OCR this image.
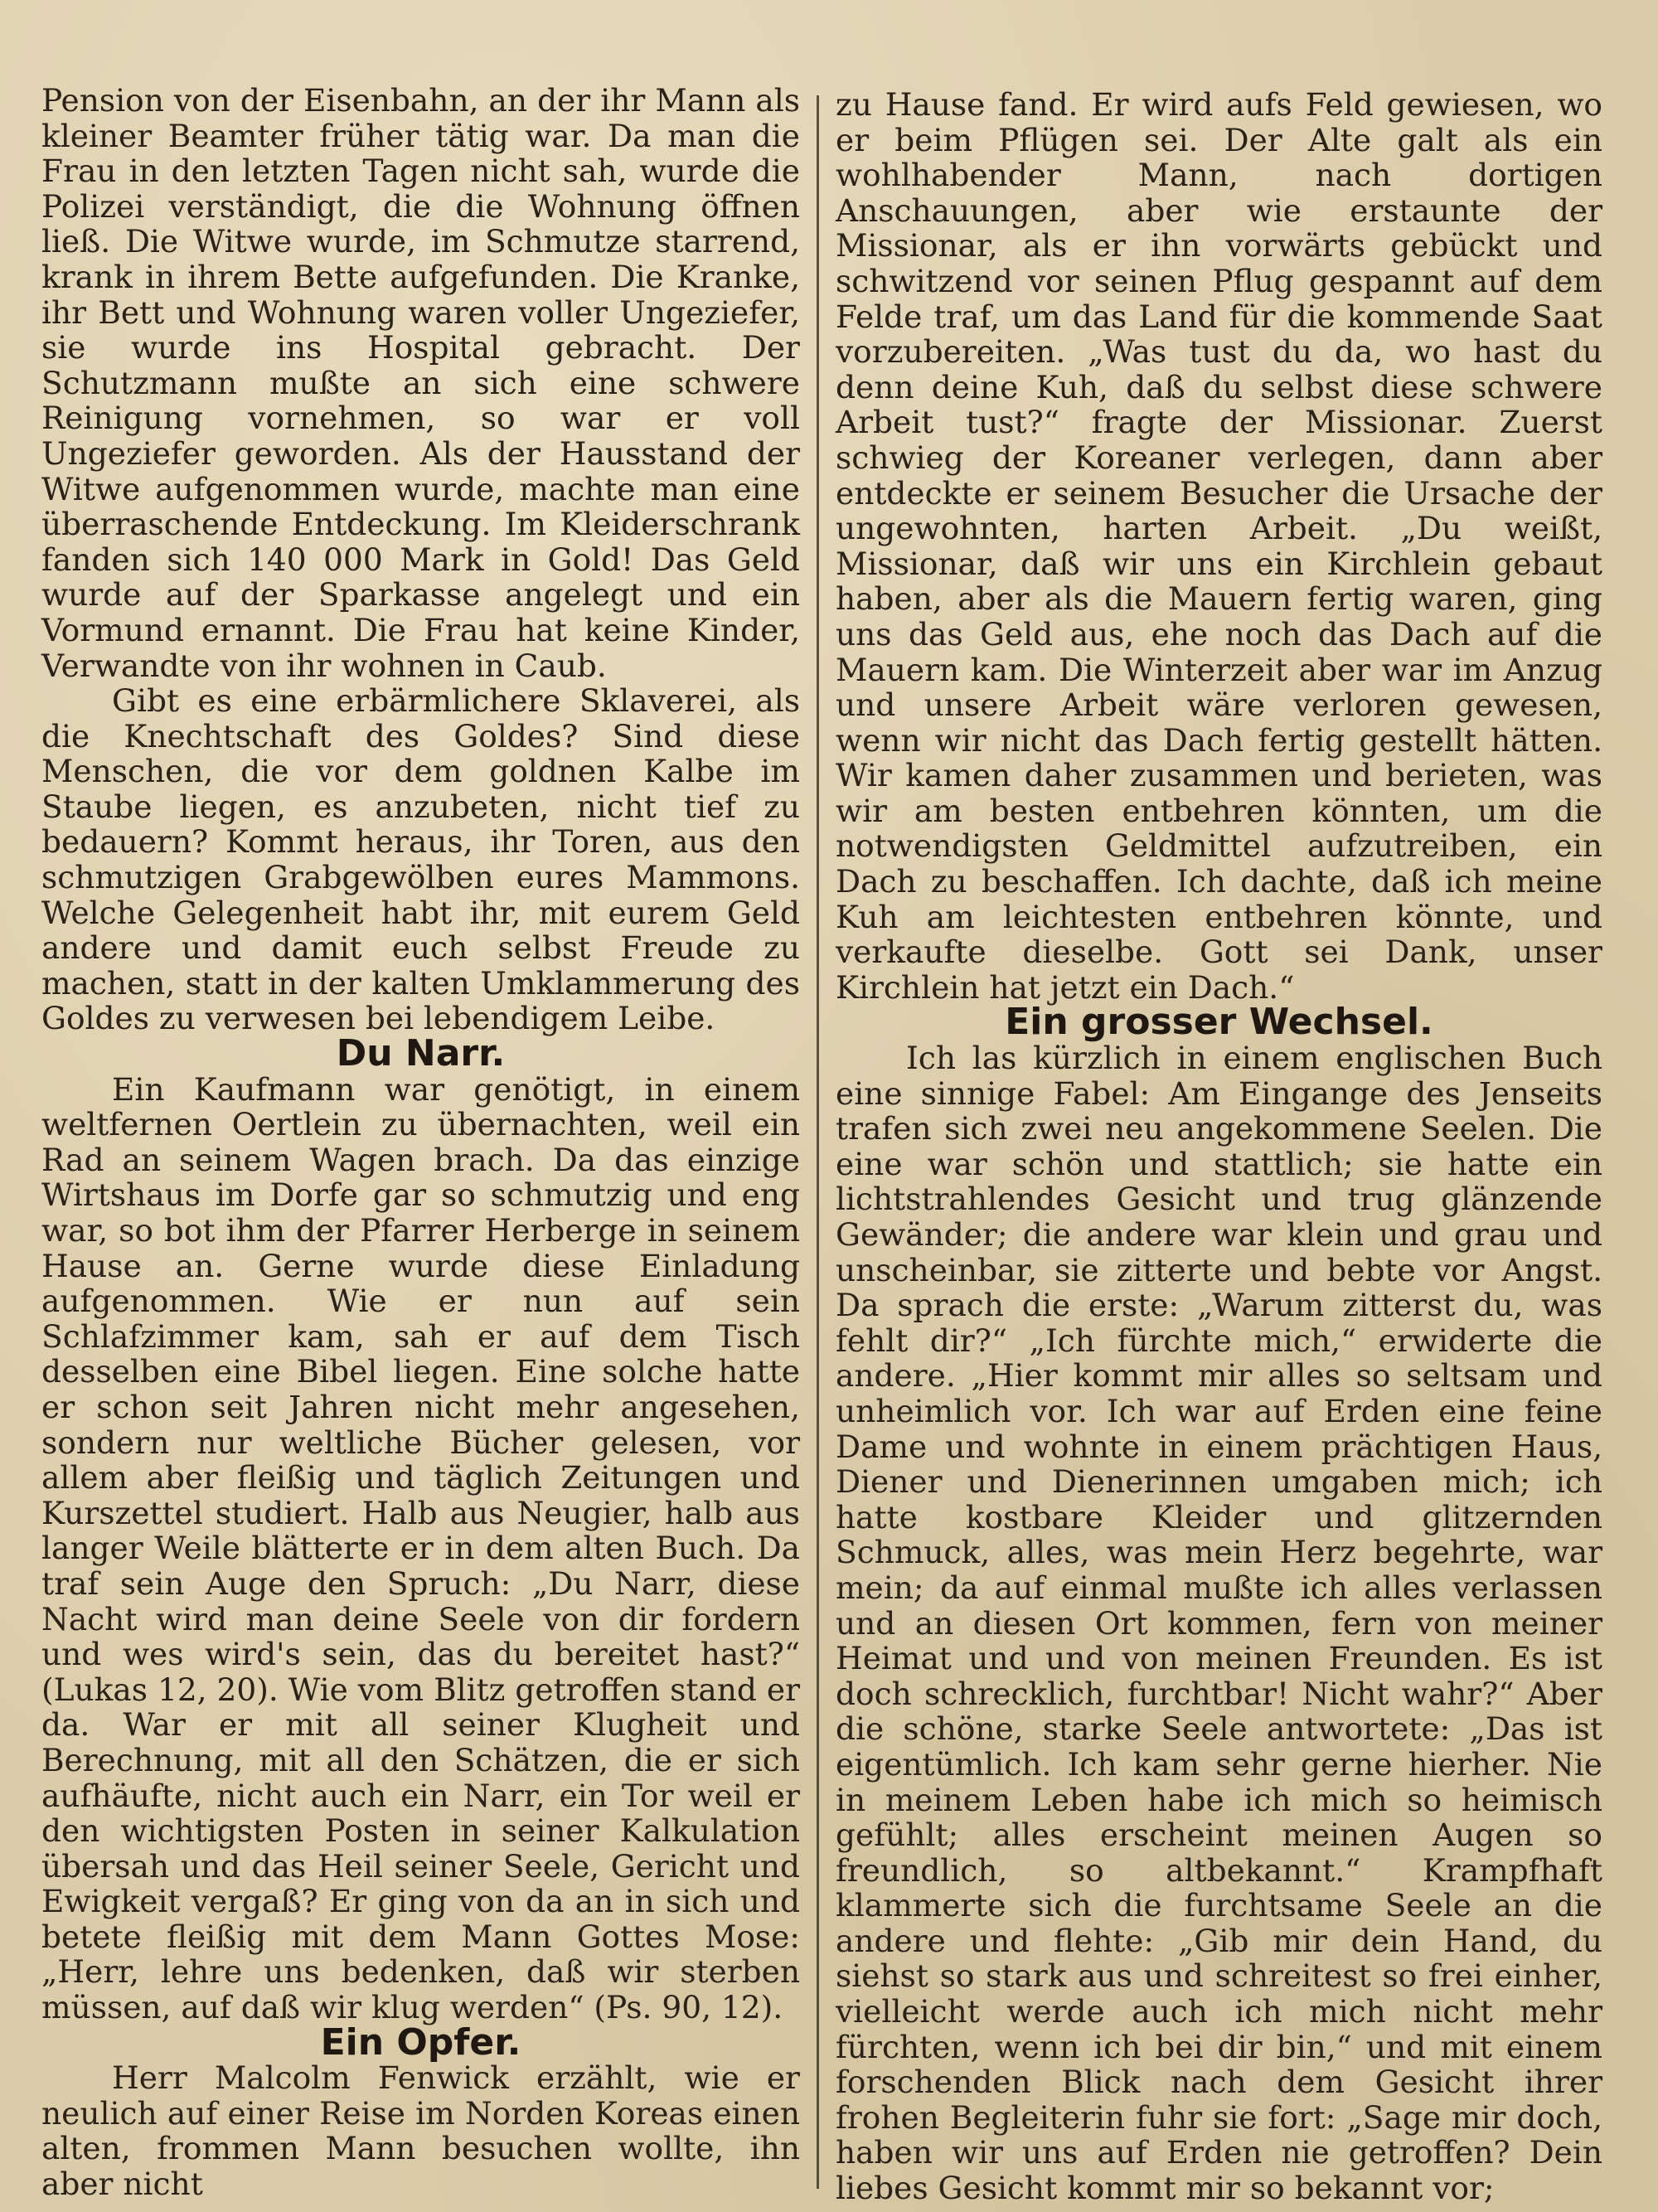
Pension von der Eisenbahn, an der ihr Mann als kleiner Beamter früher tätig war. Da man die Frau in den letzten Tagen nicht sah, wurde die Polizei verständigt, die die Wohnung öffnen ließ. Die Witwe wurde, im Schmutze starrend, krank in ihrem Bette aufgefunden. Die Kranke, ihr Bett und Wohnung waren voller Ungeziefer, sie wurde ins Hospital gebracht. Der Schutzmann mußte an sich eine schwere Reinigung vornehmen, so war er voll Ungeziefer geworden. Als der Hausstand der Witwe aufgenommen wurde, machte man eine überraschende Entdeckung. Im Kleiderschrank fanden sich 140 000 Mark in Gold! Das Geld wurde auf der Sparkasse angelegt und ein Vormund ernannt. Die Frau hat keine Kinder, Verwandte von ihr wohnen in Caub.

Gibt es eine erbärmlichere Sklaverei, als die Knechtschaft des Goldes? Sind diese Menschen, die vor dem goldnen Kalbe im Staube liegen, es anzubeten, nicht tief zu bedauern? Kommt heraus, ihr Toren, aus den schmutzigen Grabgewölben eures Mammons. Welche Gelegenheit habt ihr, mit eurem Geld andere und damit euch selbst Freude zu machen, statt in der kalten Umklammerung des Goldes zu verwesen bei lebendigem Leibe.

Du Narr.

Ein Kaufmann war genötigt, in einem weltfernen Oertlein zu übernachten, weil ein Rad an seinem Wagen brach. Da das einzige Wirtshaus im Dorfe gar so schmutzig und eng war, so bot ihm der Pfarrer Herberge in seinem Hause an. Gerne wurde diese Einladung aufgenommen. Wie er nun auf sein Schlafzimmer kam, sah er auf dem Tisch desselben eine Bibel liegen. Eine solche hatte er schon seit Jahren nicht mehr angesehen, sondern nur weltliche Bücher gelesen, vor allem aber fleißig und täglich Zeitungen und Kurszettel studiert. Halb aus Neugier, halb aus langer Weile blätterte er in dem alten Buch. Da traf sein Auge den Spruch: „Du Narr, diese Nacht wird man deine Seele von dir fordern und wes wird's sein, das du bereitet hast?“ (Lukas 12, 20). Wie vom Blitz getroffen stand er da. War er mit all seiner Klugheit und Berechnung, mit all den Schätzen, die er sich aufhäufte, nicht auch ein Narr, ein Tor weil er den wichtigsten Posten in seiner Kalkulation übersah und das Heil seiner Seele, Gericht und Ewigkeit vergaß? Er ging von da an in sich und betete fleißig mit dem Mann Gottes Mose: „Herr, lehre uns bedenken, daß wir sterben müssen, auf daß wir klug werden“ (Ps. 90, 12).

Ein Opfer.

Herr Malcolm Fenwick erzählt, wie er neulich auf einer Reise im Norden Koreas einen alten, frommen Mann besuchen wollte, ihn aber nicht

zu Hause fand. Er wird aufs Feld gewiesen, wo er beim Pflügen sei. Der Alte galt als ein wohlhabender Mann, nach dortigen Anschauungen, aber wie erstaunte der Missionar, als er ihn vorwärts gebückt und schwitzend vor seinen Pflug gespannt auf dem Felde traf, um das Land für die kommende Saat vorzubereiten. „Was tust du da, wo hast du denn deine Kuh, daß du selbst diese schwere Arbeit tust?“ fragte der Missionar. Zuerst schwieg der Koreaner verlegen, dann aber entdeckte er seinem Besucher die Ursache der ungewohnten, harten Arbeit. „Du weißt, Missionar, daß wir uns ein Kirchlein gebaut haben, aber als die Mauern fertig waren, ging uns das Geld aus, ehe noch das Dach auf die Mauern kam. Die Winterzeit aber war im Anzug und unsere Arbeit wäre verloren gewesen, wenn wir nicht das Dach fertig gestellt hätten. Wir kamen daher zusammen und berieten, was wir am besten entbehren könnten, um die notwendigsten Geldmittel aufzutreiben, ein Dach zu beschaffen. Ich dachte, daß ich meine Kuh am leichtesten entbehren könnte, und verkaufte dieselbe. Gott sei Dank, unser Kirchlein hat jetzt ein Dach.“

Ein grosser Wechsel.

Ich las kürzlich in einem englischen Buch eine sinnige Fabel: Am Eingange des Jenseits trafen sich zwei neu angekommene Seelen. Die eine war schön und stattlich; sie hatte ein lichtstrahlendes Gesicht und trug glänzende Gewänder; die andere war klein und grau und unscheinbar, sie zitterte und bebte vor Angst. Da sprach die erste: „Warum zitterst du, was fehlt dir?“ „Ich fürchte mich,“ erwiderte die andere. „Hier kommt mir alles so seltsam und unheimlich vor. Ich war auf Erden eine feine Dame und wohnte in einem prächtigen Haus, Diener und Dienerinnen umgaben mich; ich hatte kostbare Kleider und glitzernden Schmuck, alles, was mein Herz begehrte, war mein; da auf einmal mußte ich alles verlassen und an diesen Ort kommen, fern von meiner Heimat und und von meinen Freunden. Es ist doch schrecklich, furchtbar! Nicht wahr?“ Aber die schöne, starke Seele antwortete: „Das ist eigentümlich. Ich kam sehr gerne hierher. Nie in meinem Leben habe ich mich so heimisch gefühlt; alles erscheint meinen Augen so freundlich, so altbekannt.“ Krampfhaft klammerte sich die furchtsame Seele an die andere und flehte: „Gib mir dein Hand, du siehst so stark aus und schreitest so frei einher, vielleicht werde auch ich mich nicht mehr fürchten, wenn ich bei dir bin,“ und mit einem forschenden Blick nach dem Gesicht ihrer frohen Begleiterin fuhr sie fort: „Sage mir doch, haben wir uns auf Erden nie getroffen? Dein liebes Gesicht kommt mir so bekannt vor;
